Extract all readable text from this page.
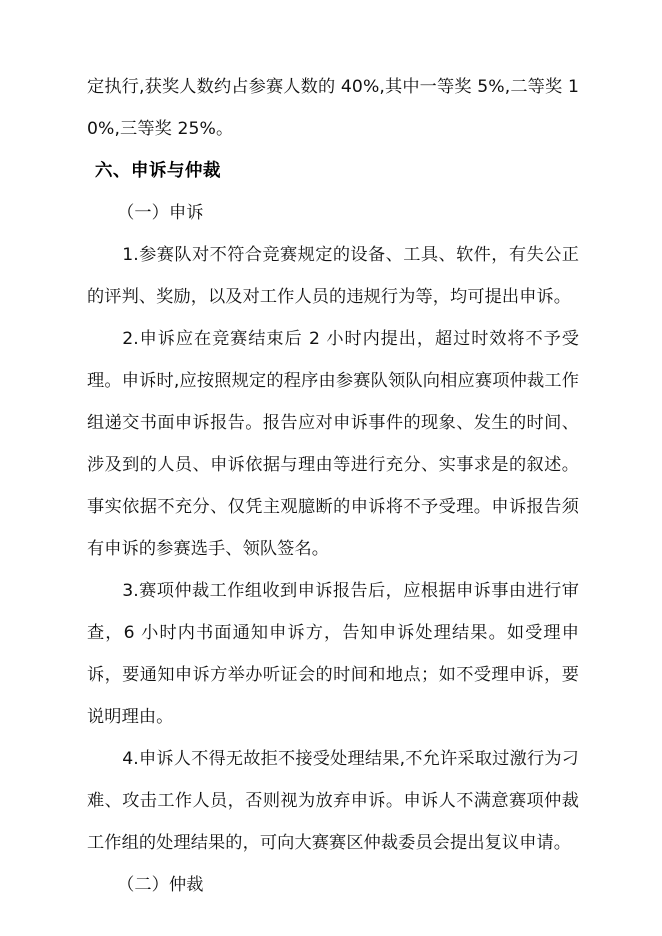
定执行,获奖人数约占参赛人数的 40%,其中一等奖 5%,二等奖 10%,三等奖 25%。

六、申诉与仲裁

（一）申诉

1.参赛队对不符合竞赛规定的设备、工具、软件，有失公正的评判、奖励，以及对工作人员的违规行为等，均可提出申诉。

2.申诉应在竞赛结束后 2 小时内提出，超过时效将不予受理。申诉时,应按照规定的程序由参赛队领队向相应赛项仲裁工作组递交书面申诉报告。报告应对申诉事件的现象、发生的时间、涉及到的人员、申诉依据与理由等进行充分、实事求是的叙述。事实依据不充分、仅凭主观臆断的申诉将不予受理。申诉报告须有申诉的参赛选手、领队签名。

3.赛项仲裁工作组收到申诉报告后，应根据申诉事由进行审查，6 小时内书面通知申诉方，告知申诉处理结果。如受理申诉，要通知申诉方举办听证会的时间和地点；如不受理申诉，要说明理由。

4.申诉人不得无故拒不接受处理结果,不允许采取过激行为刁难、攻击工作人员，否则视为放弃申诉。申诉人不满意赛项仲裁工作组的处理结果的，可向大赛赛区仲裁委员会提出复议申请。

（二）仲裁
